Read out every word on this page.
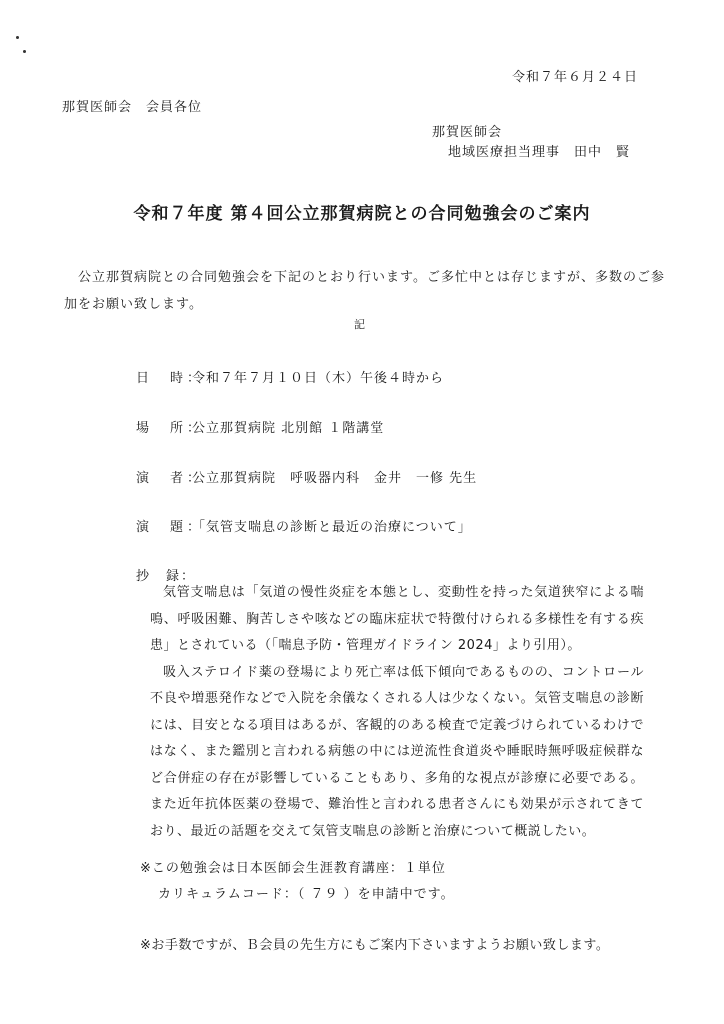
令和７年６月２４日
那賀医師会　会員各位
那賀医師会
地域医療担当理事　田中　賢
令和７年度 第４回公立那賀病院との合同勉強会のご案内
公立那賀病院との合同勉強会を下記のとおり行います。ご多忙中とは存じますが、多数のご参加をお願い致します。
記
日　時：令和７年７月１０日（木）午後４時から
場　所：公立那賀病院 北別館 １階講堂
演　者：公立那賀病院　呼吸器内科　金井　一修 先生
演　題：「気管支喘息の診断と最近の治療について」
抄　録：

気管支喘息は「気道の慢性炎症を本態とし、変動性を持った気道狭窄による喘鳴、呼吸困難、胸苦しさや咳などの臨床症状で特徴付けられる多様性を有する疾患」とされている（「喘息予防・管理ガイドライン 2024」より引用）。

吸入ステロイド薬の登場により死亡率は低下傾向であるものの、コントロール不良や増悪発作などで入院を余儀なくされる人は少なくない。気管支喘息の診断には、目安となる項目はあるが、客観的のある検査で定義づけられているわけではなく、また鑑別と言われる病態の中には逆流性食道炎や睡眠時無呼吸症候群など合併症の存在が影響していることもあり、多角的な視点が診療に必要である。また近年抗体医薬の登場で、難治性と言われる患者さんにも効果が示されてきており、最近の話題を交えて気管支喘息の診断と治療について概説したい。

※この勉強会は日本医師会生涯教育講座：１単位
カリキュラムコード：（ ７９ ）を申請中です。
※お手数ですが、Ｂ会員の先生方にもご案内下さいますようお願い致します。
